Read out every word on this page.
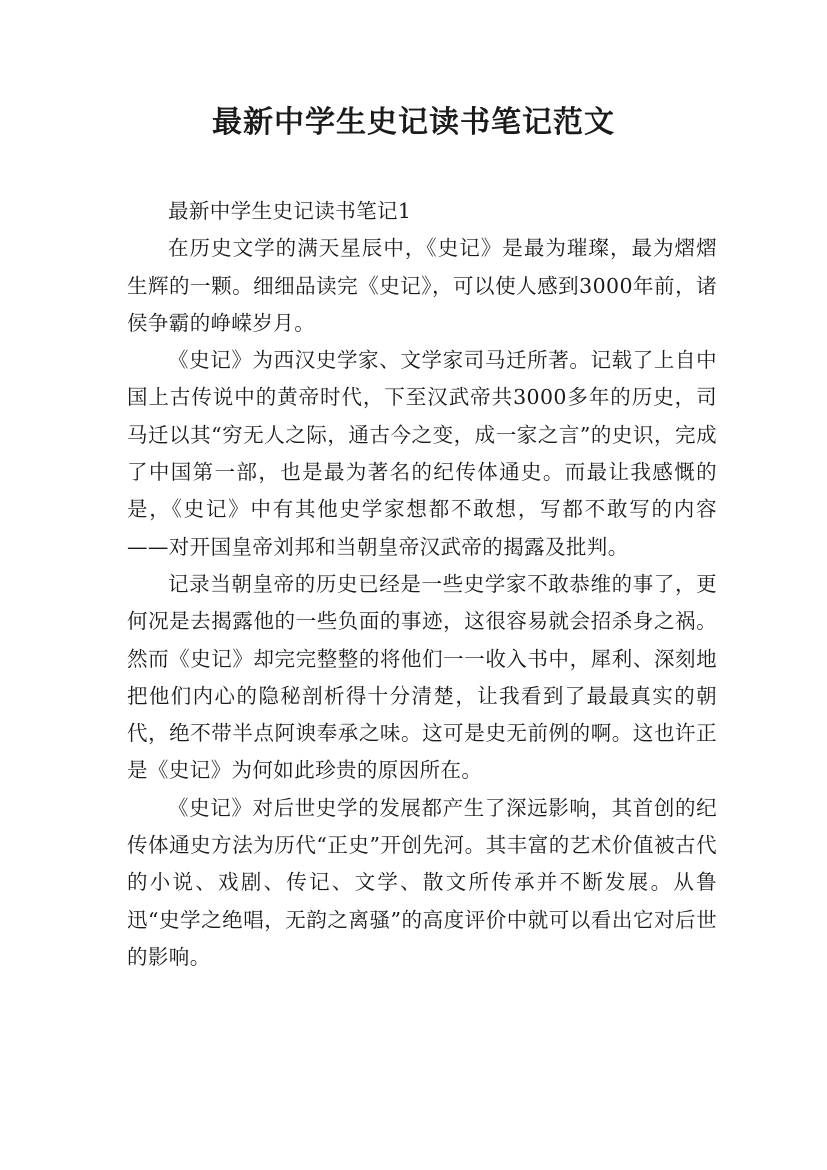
最新中学生史记读书笔记范文

最新中学生史记读书笔记1

在历史文学的满天星辰中，《史记》是最为璀璨，最为熠熠生辉的一颗。细细品读完《史记》，可以使人感到3000年前，诸侯争霸的峥嵘岁月。

《史记》为西汉史学家、文学家司马迁所著。记载了上自中国上古传说中的黄帝时代，下至汉武帝共3000多年的历史，司马迁以其“穷无人之际，通古今之变，成一家之言”的史识，完成了中国第一部，也是最为著名的纪传体通史。而最让我感慨的是，《史记》中有其他史学家想都不敢想，写都不敢写的内容——对开国皇帝刘邦和当朝皇帝汉武帝的揭露及批判。

记录当朝皇帝的历史已经是一些史学家不敢恭维的事了，更何况是去揭露他的一些负面的事迹，这很容易就会招杀身之祸。然而《史记》却完完整整的将他们一一收入书中，犀利、深刻地把他们内心的隐秘剖析得十分清楚，让我看到了最最真实的朝代，绝不带半点阿谀奉承之味。这可是史无前例的啊。这也许正是《史记》为何如此珍贵的原因所在。

《史记》对后世史学的发展都产生了深远影响，其首创的纪传体通史方法为历代“正史”开创先河。其丰富的艺术价值被古代的小说、戏剧、传记、文学、散文所传承并不断发展。从鲁迅“史学之绝唱，无韵之离骚”的高度评价中就可以看出它对后世的影响。
